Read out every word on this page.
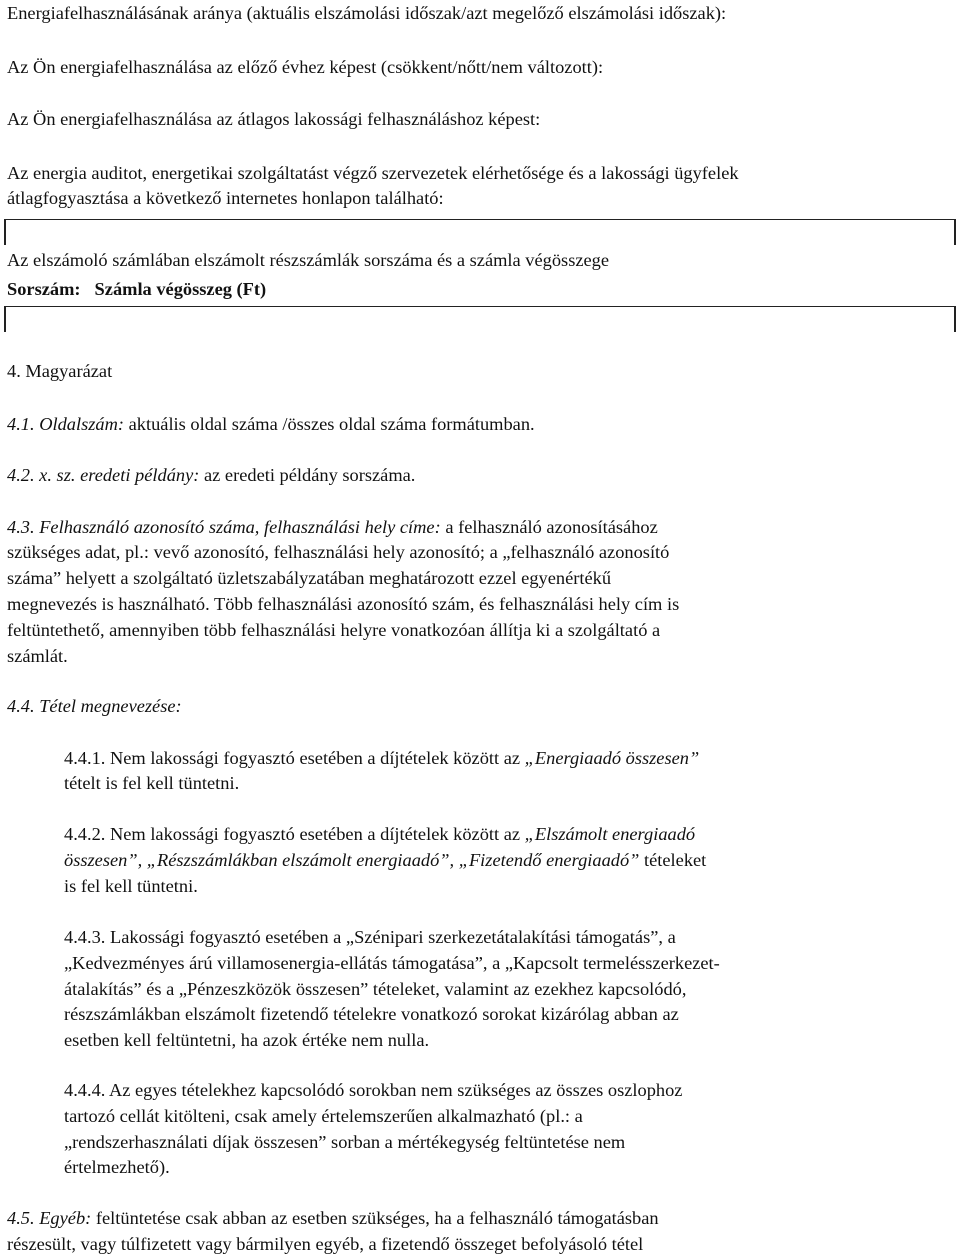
Energiafelhasználásának aránya (aktuális elszámolási időszak/azt megelőző elszámolási időszak):
Az Ön energiafelhasználása az előző évhez képest (csökkent/nőtt/nem változott):
Az Ön energiafelhasználása az átlagos lakossági felhasználáshoz képest:
Az energia auditot, energetikai szolgáltatást végző szervezetek elérhetősége és a lakossági ügyfelek
átlagfogyasztása a következő internetes honlapon található:
Az elszámoló számlában elszámolt részszámlák sorszáma és a számla végösszege
Sorszám: Számla végösszeg (Ft)
4. Magyarázat
4.1. Oldalszám: aktuális oldal száma /összes oldal száma formátumban.
4.2. x. sz. eredeti példány: az eredeti példány sorszáma.
4.3. Felhasználó azonosító száma, felhasználási hely címe: a felhasználó azonosításához
szükséges adat, pl.: vevő azonosító, felhasználási hely azonosító; a „felhasználó azonosító
száma” helyett a szolgáltató üzletszabályzatában meghatározott ezzel egyenértékű
megnevezés is használható. Több felhasználási azonosító szám, és felhasználási hely cím is
feltüntethető, amennyiben több felhasználási helyre vonatkozóan állítja ki a szolgáltató a
számlát.
4.4. Tétel megnevezése:
4.4.1. Nem lakossági fogyasztó esetében a díjtételek között az „Energiaadó összesen”
tételt is fel kell tüntetni.
4.4.2. Nem lakossági fogyasztó esetében a díjtételek között az „Elszámolt energiaadó
összesen”, „Részszámlákban elszámolt energiaadó”, „Fizetendő energiaadó” tételeket
is fel kell tüntetni.
4.4.3. Lakossági fogyasztó esetében a „Szénipari szerkezetátalakítási támogatás”, a
„Kedvezményes árú villamosenergia-ellátás támogatása”, a „Kapcsolt termelésszerkezet-
átalakítás” és a „Pénzeszközök összesen” tételeket, valamint az ezekhez kapcsolódó,
részszámlákban elszámolt fizetendő tételekre vonatkozó sorokat kizárólag abban az
esetben kell feltüntetni, ha azok értéke nem nulla.
4.4.4. Az egyes tételekhez kapcsolódó sorokban nem szükséges az összes oszlophoz
tartozó cellát kitölteni, csak amely értelemszerűen alkalmazható (pl.: a
„rendszerhasználati díjak összesen” sorban a mértékegység feltüntetése nem
értelmezhető).
4.5. Egyéb: feltüntetése csak abban az esetben szükséges, ha a felhasználó támogatásban
részesült, vagy túlfizetett vagy bármilyen egyéb, a fizetendő összeget befolyásoló tétel
